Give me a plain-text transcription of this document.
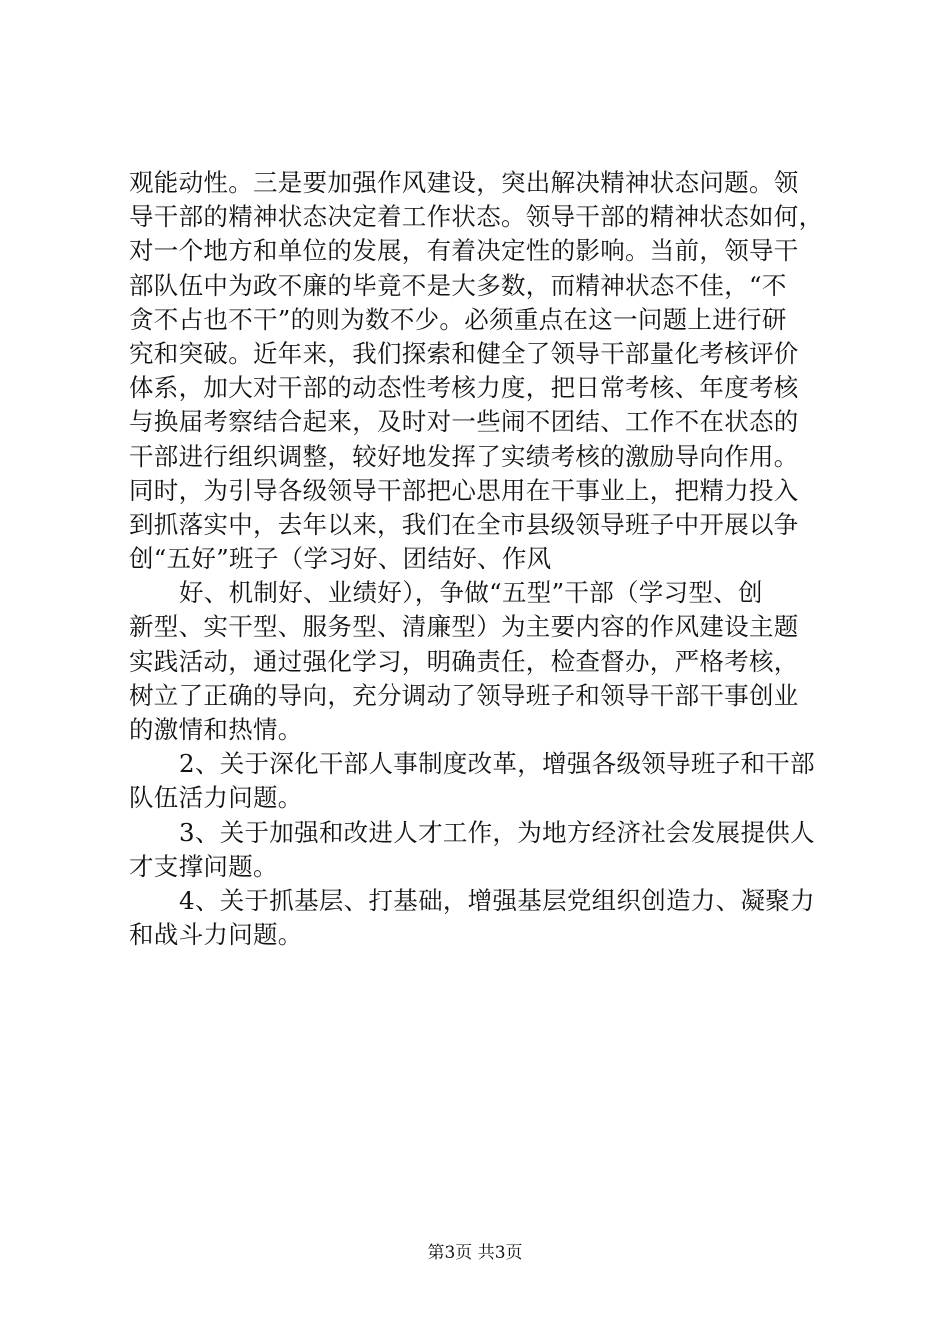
观能动性。三是要加强作风建设，突出解决精神状态问题。领
导干部的精神状态决定着工作状态。领导干部的精神状态如何，
对一个地方和单位的发展，有着决定性的影响。当前，领导干
部队伍中为政不廉的毕竟不是大多数，而精神状态不佳，“不
贪不占也不干”的则为数不少。必须重点在这一问题上进行研
究和突破。近年来，我们探索和健全了领导干部量化考核评价
体系，加大对干部的动态性考核力度，把日常考核、年度考核
与换届考察结合起来，及时对一些闹不团结、工作不在状态的
干部进行组织调整，较好地发挥了实绩考核的激励导向作用。
同时，为引导各级领导干部把心思用在干事业上，把精力投入
到抓落实中，去年以来，我们在全市县级领导班子中开展以争
创“五好”班子（学习好、团结好、作风
好、机制好、业绩好），争做“五型”干部（学习型、创
新型、实干型、服务型、清廉型）为主要内容的作风建设主题
实践活动，通过强化学习，明确责任，检查督办，严格考核，
树立了正确的导向，充分调动了领导班子和领导干部干事创业
的激情和热情。
2、关于深化干部人事制度改革，增强各级领导班子和干部
队伍活力问题。
3、关于加强和改进人才工作，为地方经济社会发展提供人
才支撑问题。
4、关于抓基层、打基础，增强基层党组织创造力、凝聚力
和战斗力问题。
第3页 共3页
